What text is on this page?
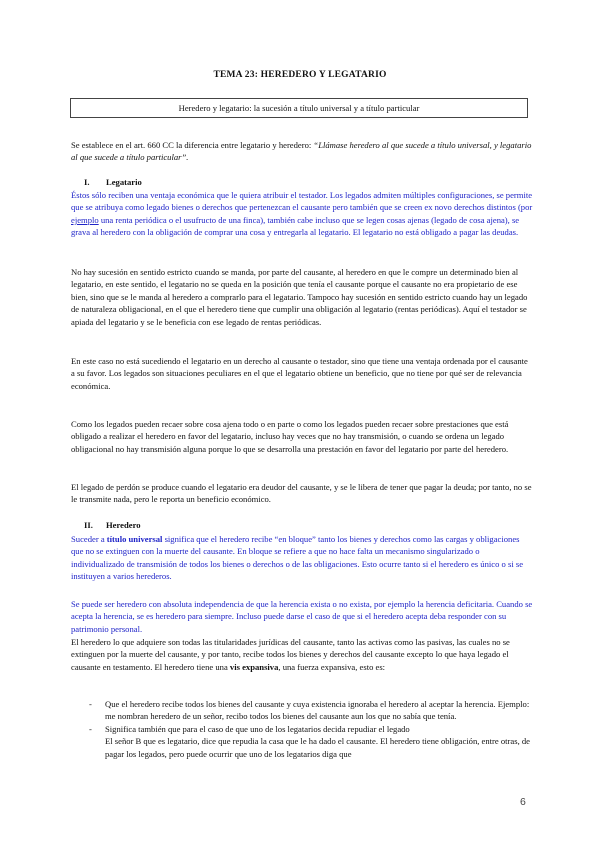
TEMA 23: HEREDERO Y LEGATARIO
Heredero y legatario: la sucesión a título universal y a título particular

Se establece en el art. 660 CC la diferencia entre legatario y heredero: “Llámase heredero al que sucede a título universal, y legatario al que sucede a título particular”.

I. Legatario

Éstos sólo reciben una ventaja económica que le quiera atribuir el testador. Los legados admiten múltiples configuraciones, se permite que se atribuya como legado bienes o derechos que pertenezcan el causante pero también que se creen ex novo derechos distintos (por ejemplo una renta periódica o el usufructo de una finca), también cabe incluso que se legen cosas ajenas (legado de cosa ajena), se grava al heredero con la obligación de comprar una cosa y entregarla al legatario. El legatario no está obligado a pagar las deudas.

No hay sucesión en sentido estricto cuando se manda, por parte del causante, al heredero en que le compre un determinado bien al legatario, en este sentido, el legatario no se queda en la posición que tenía el causante porque el causante no era propietario de ese bien, sino que se le manda al heredero a comprarlo para el legatario. Tampoco hay sucesión en sentido estricto cuando hay un legado de naturaleza obligacional, en el que el heredero tiene que cumplir una obligación al legatario (rentas periódicas). Aquí el testador se apiada del legatario y se le beneficia con ese legado de rentas periódicas.
En este caso no está sucediendo el legatario en un derecho al causante o testador, sino que tiene una ventaja ordenada por el causante a su favor. Los legados son situaciones peculiares en el que el legatario obtiene un beneficio, que no tiene por qué ser de relevancia económica.
Como los legados pueden recaer sobre cosa ajena todo o en parte o como los legados pueden recaer sobre prestaciones que está obligado a realizar el heredero en favor del legatario, incluso hay veces que no hay transmisión, o cuando se ordena un legado obligacional no hay transmisión alguna porque lo que se desarrolla una prestación en favor del legatario por parte del heredero.
El legado de perdón se produce cuando el legatario era deudor del causante, y se le libera de tener que pagar la deuda; por tanto, no se le transmite nada, pero le reporta un beneficio económico.
II. Heredero

Suceder a título universal significa que el heredero recibe “en bloque” tanto los bienes y derechos como las cargas y obligaciones que no se extinguen con la muerte del causante. En bloque se refiere a que no hace falta un mecanismo singularizado o individualizado de transmisión de todos los bienes o derechos o de las obligaciones. Esto ocurre tanto si el heredero es único o si se instituyen a varios herederos.

Se puede ser heredero con absoluta independencia de que la herencia exista o no exista, por ejemplo la herencia deficitaria. Cuando se acepta la herencia, se es heredero para siempre. Incluso puede darse el caso de que si el heredero acepta deba responder con su patrimonio personal.

El heredero lo que adquiere son todas las titularidades jurídicas del causante, tanto las activas como las pasivas, las cuales no se extinguen por la muerte del causante, y por tanto, recibe todos los bienes y derechos del causante excepto lo que haya legado el causante en testamento. El heredero tiene una vis expansiva, una fuerza expansiva, esto es:

- Que el heredero recibe todos los bienes del causante y cuya existencia ignoraba el heredero al aceptar la herencia. Ejemplo: me nombran heredero de un señor, recibo todos los bienes del causante aun los que no sabía que tenía.
- Significa también que para el caso de que uno de los legatarios decida repudiar el legado
El señor B que es legatario, dice que repudia la casa que le ha dado el causante. El heredero tiene obligación, entre otras, de pagar los legados, pero puede ocurrir que uno de los legatarios diga que
6
